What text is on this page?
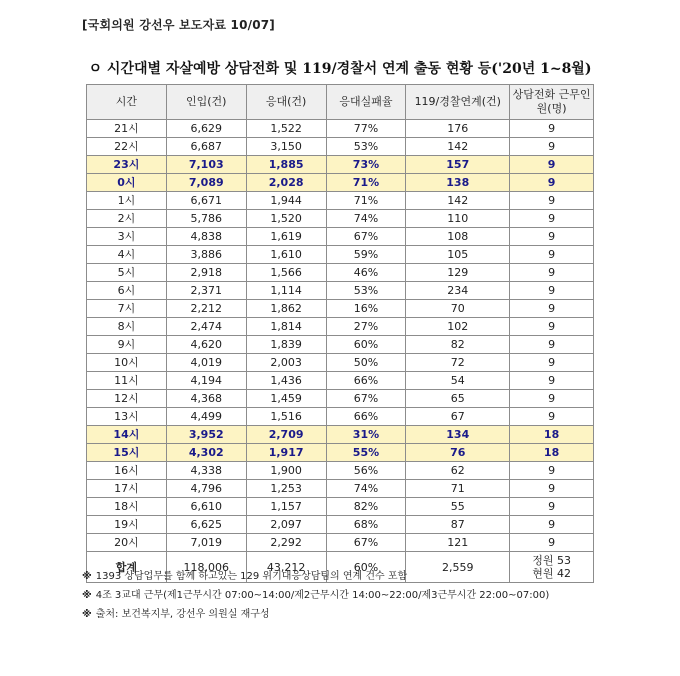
[국회의원 강선우 보도자료 10/07]
ㅇ 시간대별 자살예방 상담전화 및 119/경찰서 연계 출동 현황 등('20년 1~8월)
시간	인입(건)	응대(건)	응대실패율	119/경찰연계(건)	상담전화 근무인원(명)
21시	6,629	1,522	77%	176	9
22시	6,687	3,150	53%	142	9
23시	7,103	1,885	73%	157	9
0시	7,089	2,028	71%	138	9
1시	6,671	1,944	71%	142	9
2시	5,786	1,520	74%	110	9
3시	4,838	1,619	67%	108	9
4시	3,886	1,610	59%	105	9
5시	2,918	1,566	46%	129	9
6시	2,371	1,114	53%	234	9
7시	2,212	1,862	16%	70	9
8시	2,474	1,814	27%	102	9
9시	4,620	1,839	60%	82	9
10시	4,019	2,003	50%	72	9
11시	4,194	1,436	66%	54	9
12시	4,368	1,459	67%	65	9
13시	4,499	1,516	66%	67	9
14시	3,952	2,709	31%	134	18
15시	4,302	1,917	55%	76	18
16시	4,338	1,900	56%	62	9
17시	4,796	1,253	74%	71	9
18시	6,610	1,157	82%	55	9
19시	6,625	2,097	68%	87	9
20시	7,019	2,292	67%	121	9
합계	118,006	43,212	60%	2,559	정원 53
현원 42
※ 1393 상담업무를 함께 하고있는 129 위기대응상담팀의 연계 건수 포함
※ 4조 3교대 근무(제1근무시간 07:00~14:00/제2근무시간 14:00~22:00/제3근무시간 22:00~07:00)
※ 출처: 보건복지부, 강선우 의원실 재구성
